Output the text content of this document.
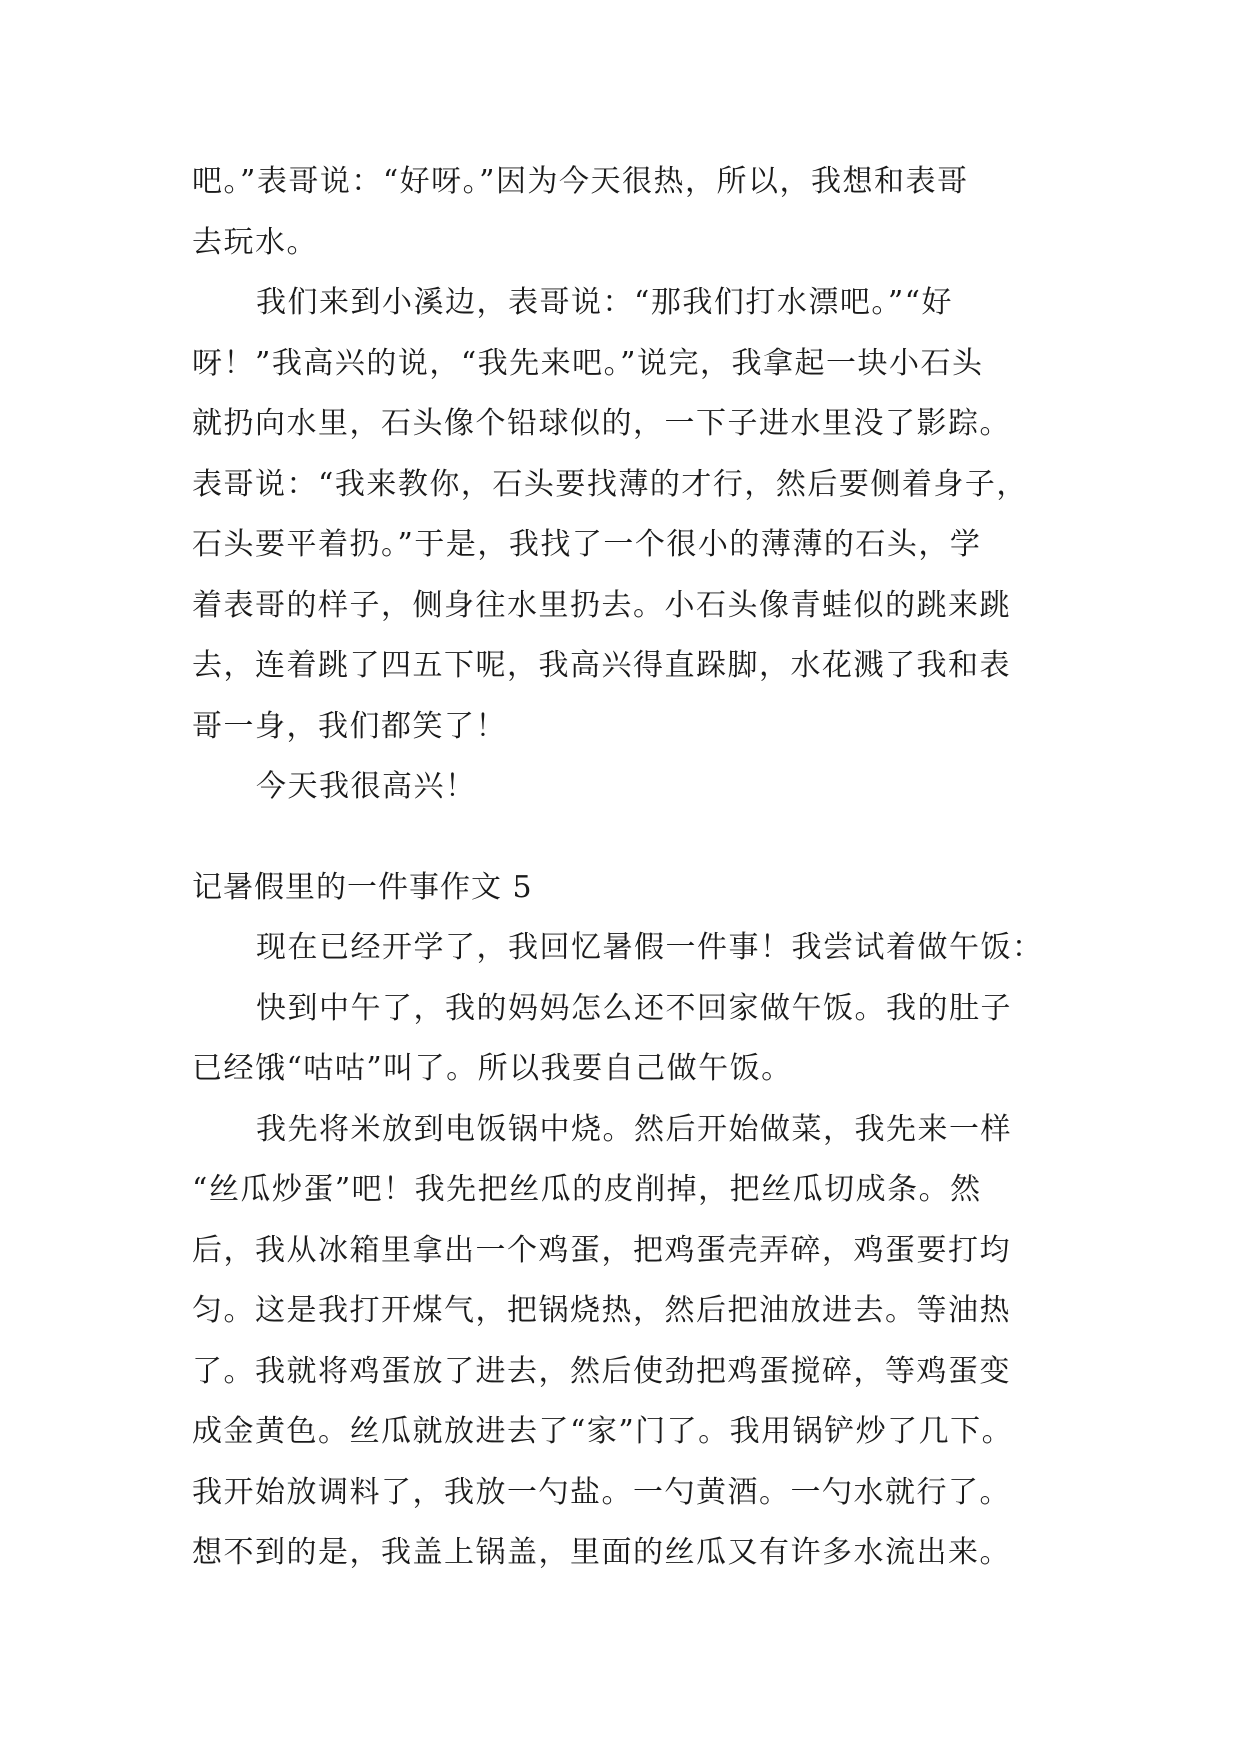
吧。”表哥说：“好呀。”因为今天很热，所以，我想和表哥
去玩水。
我们来到小溪边，表哥说：“那我们打水漂吧。”“好
呀！”我高兴的说，“我先来吧。”说完，我拿起一块小石头
就扔向水里，石头像个铅球似的，一下子进水里没了影踪。
表哥说：“我来教你，石头要找薄的才行，然后要侧着身子，
石头要平着扔。”于是，我找了一个很小的薄薄的石头，学
着表哥的样子，侧身往水里扔去。小石头像青蛙似的跳来跳
去，连着跳了四五下呢，我高兴得直跺脚，水花溅了我和表
哥一身，我们都笑了！
今天我很高兴！
记暑假里的一件事作文 5
现在已经开学了，我回忆暑假一件事！我尝试着做午饭：
快到中午了，我的妈妈怎么还不回家做午饭。我的肚子
已经饿“咕咕”叫了。所以我要自己做午饭。
我先将米放到电饭锅中烧。然后开始做菜，我先来一样
“丝瓜炒蛋”吧！我先把丝瓜的皮削掉，把丝瓜切成条。然
后，我从冰箱里拿出一个鸡蛋，把鸡蛋壳弄碎，鸡蛋要打均
匀。这是我打开煤气，把锅烧热，然后把油放进去。等油热
了。我就将鸡蛋放了进去，然后使劲把鸡蛋搅碎，等鸡蛋变
成金黄色。丝瓜就放进去了“家”门了。我用锅铲炒了几下。
我开始放调料了，我放一勺盐。一勺黄酒。一勺水就行了。
想不到的是，我盖上锅盖，里面的丝瓜又有许多水流出来。
